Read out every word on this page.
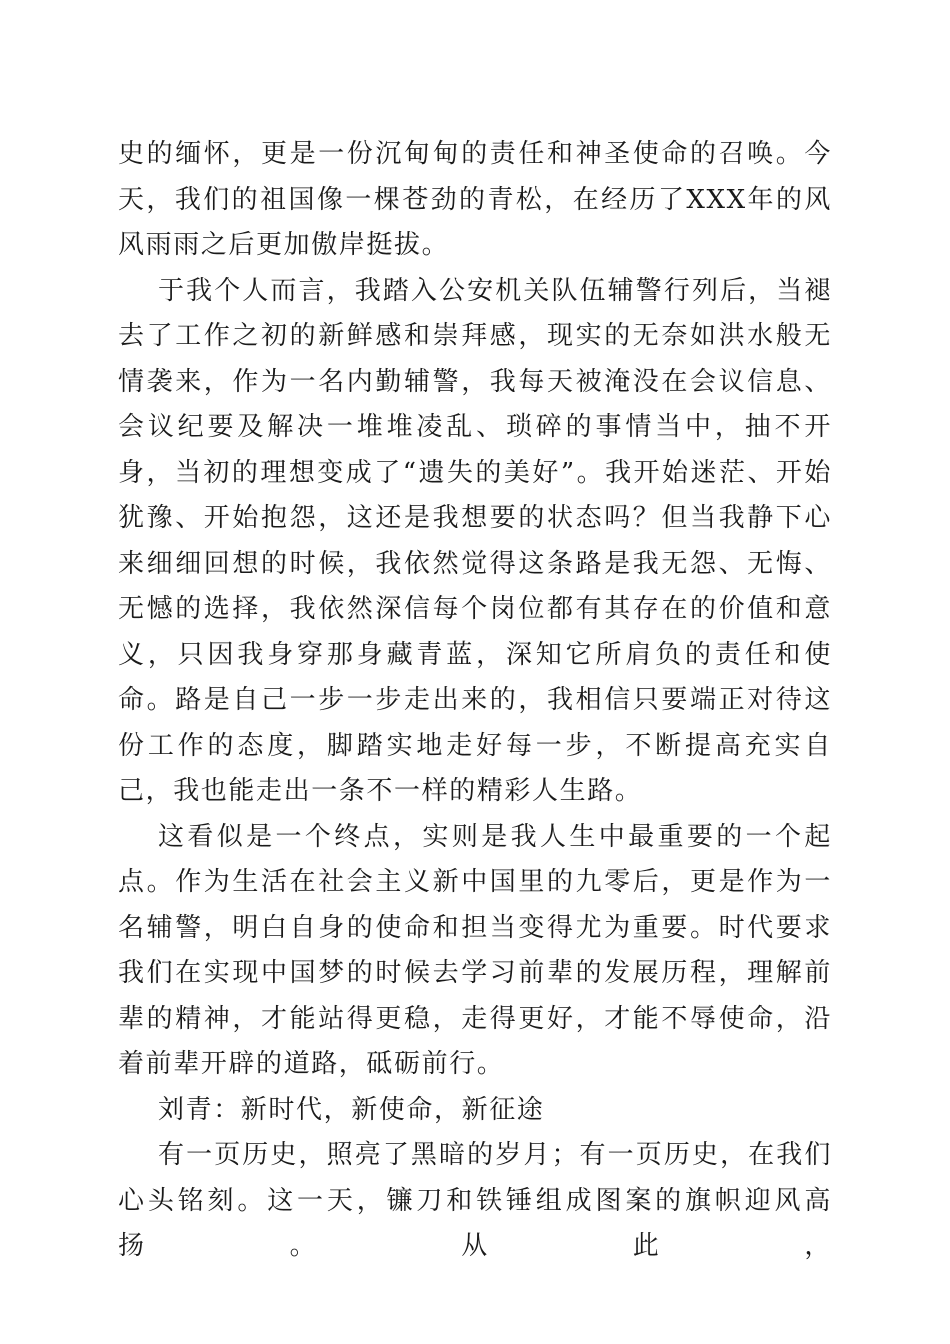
史的缅怀，更是一份沉甸甸的责任和神圣使命的召唤。今天，我们的祖国像一棵苍劲的青松，在经历了XXX年的风风雨雨之后更加傲岸挺拔。

于我个人而言，我踏入公安机关队伍辅警行列后，当褪去了工作之初的新鲜感和崇拜感，现实的无奈如洪水般无情袭来，作为一名内勤辅警，我每天被淹没在会议信息、会议纪要及解决一堆堆凌乱、琐碎的事情当中，抽不开身，当初的理想变成了“遗失的美好”。我开始迷茫、开始犹豫、开始抱怨，这还是我想要的状态吗？但当我静下心来细细回想的时候，我依然觉得这条路是我无怨、无悔、无憾的选择，我依然深信每个岗位都有其存在的价值和意义，只因我身穿那身藏青蓝，深知它所肩负的责任和使命。路是自己一步一步走出来的，我相信只要端正对待这份工作的态度，脚踏实地走好每一步，不断提高充实自己，我也能走出一条不一样的精彩人生路。

这看似是一个终点，实则是我人生中最重要的一个起点。作为生活在社会主义新中国里的九零后，更是作为一名辅警，明白自身的使命和担当变得尤为重要。时代要求我们在实现中国梦的时候去学习前辈的发展历程，理解前辈的精神，才能站得更稳，走得更好，才能不辱使命，沿着前辈开辟的道路，砥砺前行。

刘青：新时代，新使命，新征途

有一页历史，照亮了黑暗的岁月；有一页历史，在我们心头铭刻。这一天，镰刀和铁锤组成图案的旗帜迎风高扬。从此，
